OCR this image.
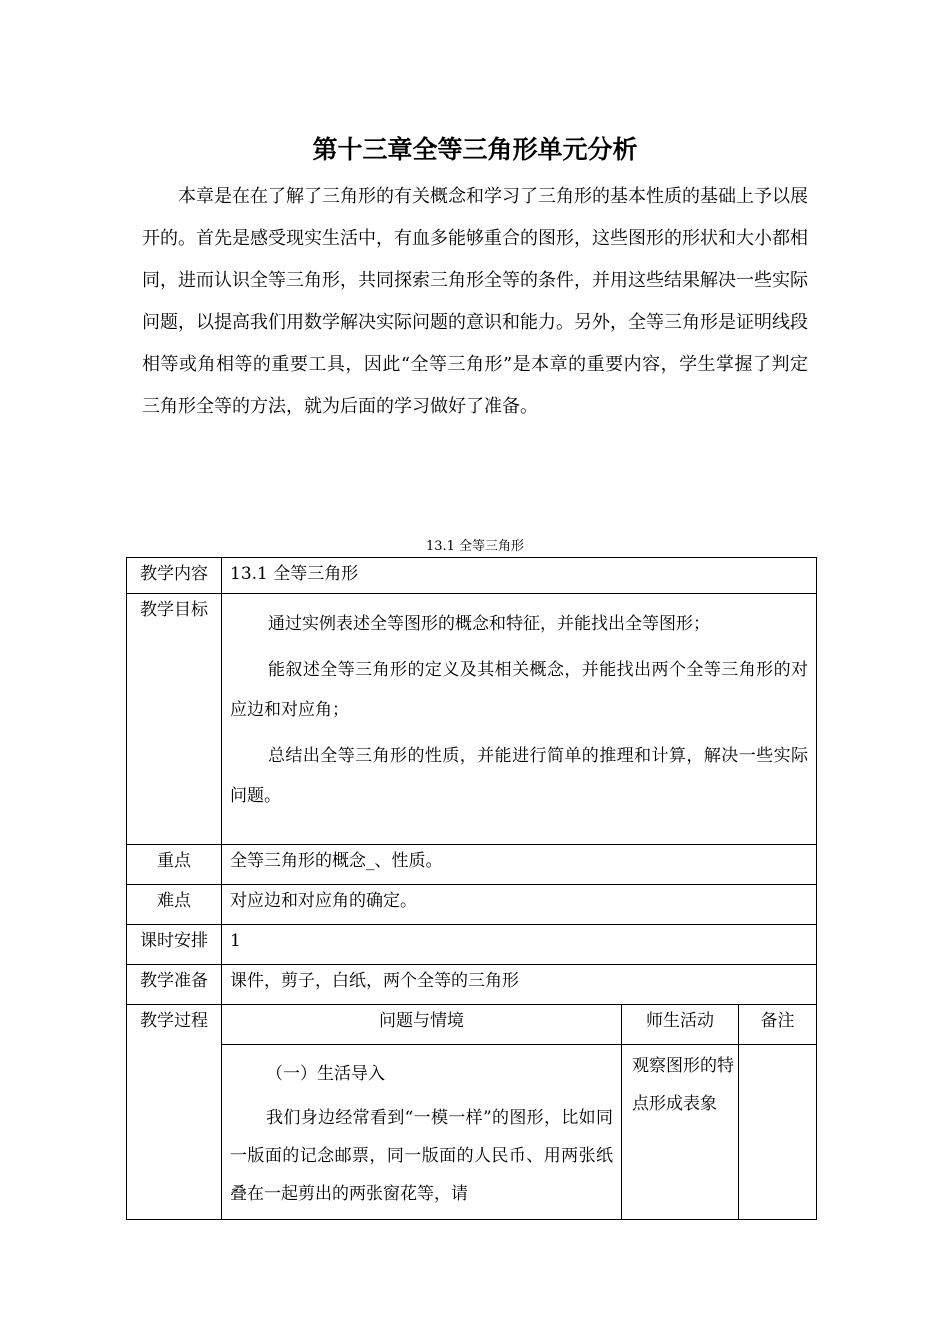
第十三章全等三角形单元分析

本章是在在了解了三角形的有关概念和学习了三角形的基本性质的基础上予以展开的。首先是感受现实生活中，有血多能够重合的图形，这些图形的形状和大小都相同，进而认识全等三角形，共同探索三角形全等的条件，并用这些结果解决一些实际问题，以提高我们用数学解决实际问题的意识和能力。另外，全等三角形是证明线段相等或角相等的重要工具，因此“全等三角形”是本章的重要内容，学生掌握了判定三角形全等的方法，就为后面的学习做好了准备。

13.1 全等三角形
教学内容	13.1 全等三角形		
教学目标	通过实例表述全等图形的概念和特征，并能找出全等图形；

能叙述全等三角形的定义及其相关概念，并能找出两个全等三角形的对应边和对应角；

总结出全等三角形的性质，并能进行简单的推理和计算，解决一些实际问题。		

重点	全等三角形的概念_、性质。		
难点	对应边和对应角的确定。		
课时安排	1		
教学准备	课件，剪子，白纸，两个全等的三角形		
教学过程	问题与情境	师生活动	备注

	（一）生活导入

我们身边经常看到“一模一样”的图形，比如同一版面的记念邮票，同一版面的人民币、用两张纸叠在一起剪出的两张窗花等，请	观察图形的特点形成表象	
